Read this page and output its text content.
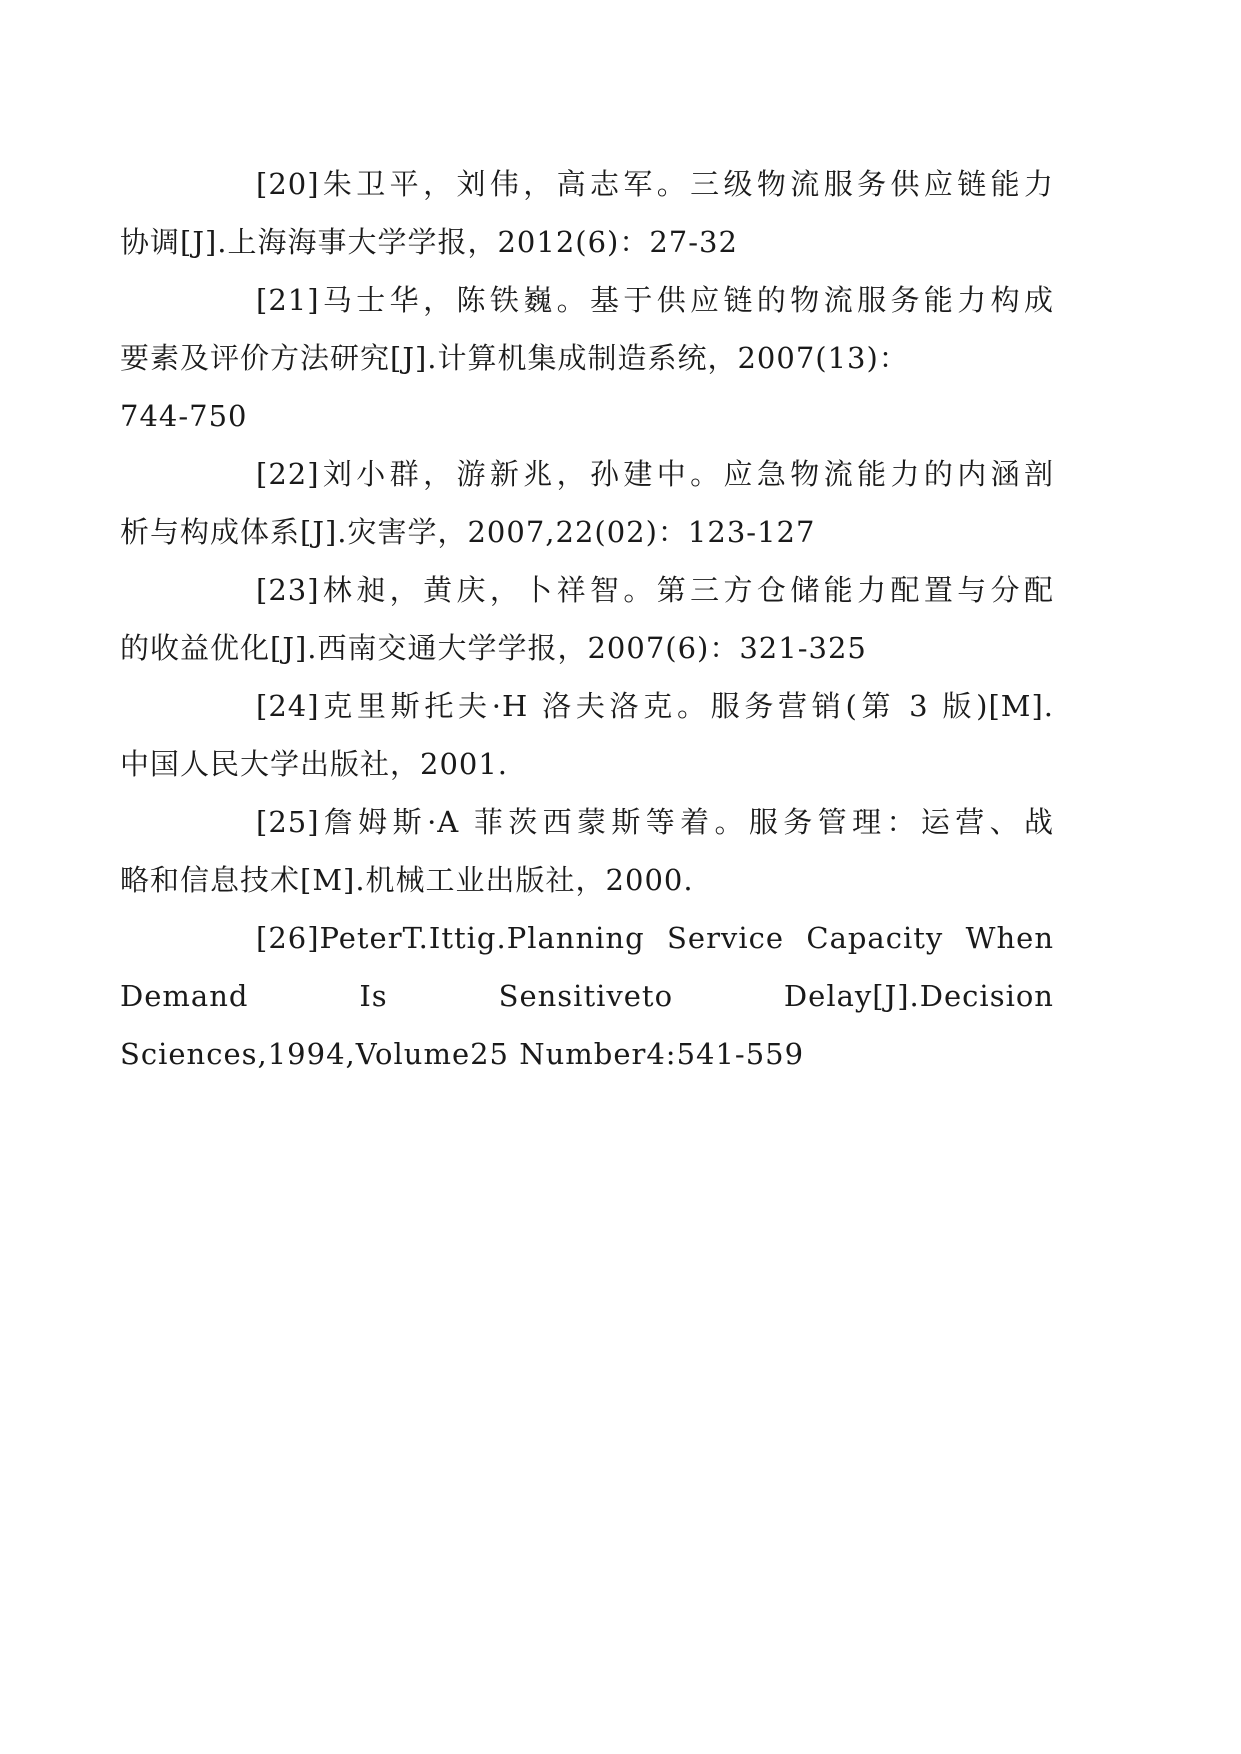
[20]朱卫平，刘伟，高志军。三级物流服务供应链能力
协调[J].上海海事大学学报，2012(6)：27-32
[21]马士华，陈铁巍。基于供应链的物流服务能力构成
要素及评价方法研究[J].计算机集成制造系统，2007(13)：
744-750
[22]刘小群，游新兆，孙建中。应急物流能力的内涵剖
析与构成体系[J].灾害学，2007,22(02)：123-127
[23]林昶，黄庆，卜祥智。第三方仓储能力配置与分配
的收益优化[J].西南交通大学学报，2007(6)：321-325
[24]克里斯托夫·H 洛夫洛克。服务营销(第 3 版)[M].
中国人民大学出版社，2001.
[25]詹姆斯·A 菲茨西蒙斯等着。服务管理：运营、战
略和信息技术[M].机械工业出版社，2000.
[26]PeterT.Ittig.Planning Service Capacity When
Demand Is Sensitiveto Delay[J].Decision
Sciences,1994,Volume25 Number4:541-559
